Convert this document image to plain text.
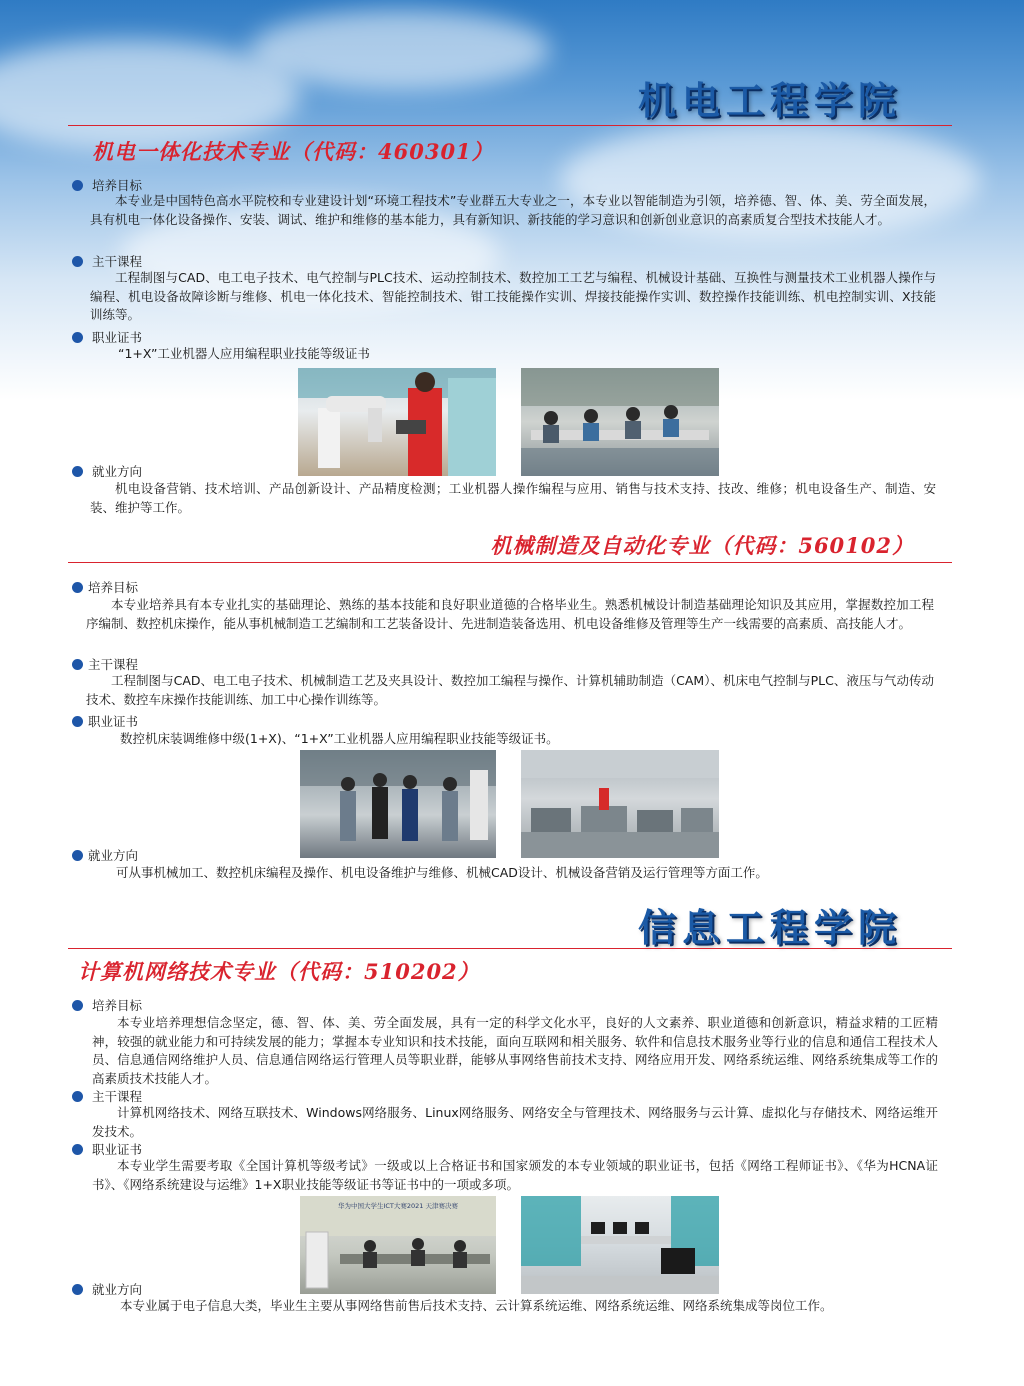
机电工程学院
机电一体化技术专业（代码：460301）
培养目标
本专业是中国特色高水平院校和专业建设计划“环境工程技术”专业群五大专业之一，本专业以智能制造为引领，培养德、智、体、美、劳全面发展，具有机电一体化设备操作、安装、调试、维护和维修的基本能力，具有新知识、新技能的学习意识和创新创业意识的高素质复合型技术技能人才。
主干课程
工程制图与CAD、电工电子技术、电气控制与PLC技术、运动控制技术、数控加工工艺与编程、机械设计基础、互换性与测量技术工业机器人操作与编程、机电设备故障诊断与维修、机电一体化技术、智能控制技术、钳工技能操作实训、焊接技能操作实训、数控操作技能训练、机电控制实训、X技能训练等。
职业证书
“1+X”工业机器人应用编程职业技能等级证书
就业方向
机电设备营销、技术培训、产品创新设计、产品精度检测；工业机器人操作编程与应用、销售与技术支持、技改、维修；机电设备生产、制造、安装、维护等工作。
机械制造及自动化专业（代码：560102）
培养目标
本专业培养具有本专业扎实的基础理论、熟练的基本技能和良好职业道德的合格毕业生。熟悉机械设计制造基础理论知识及其应用，掌握数控加工程序编制、数控机床操作，能从事机械制造工艺编制和工艺装备设计、先进制造装备选用、机电设备维修及管理等生产一线需要的高素质、高技能人才。
主干课程
工程制图与CAD、电工电子技术、机械制造工艺及夹具设计、数控加工编程与操作、计算机辅助制造（CAM）、机床电气控制与PLC、液压与气动传动技术、数控车床操作技能训练、加工中心操作训练等。
职业证书
数控机床装调维修中级(1+X)、“1+X”工业机器人应用编程职业技能等级证书。
就业方向
可从事机械加工、数控机床编程及操作、机电设备维护与维修、机械CAD设计、机械设备营销及运行管理等方面工作。
信息工程学院
计算机网络技术专业（代码：510202）
培养目标
本专业培养理想信念坚定，德、智、体、美、劳全面发展，具有一定的科学文化水平，良好的人文素养、职业道德和创新意识，精益求精的工匠精神，较强的就业能力和可持续发展的能力；掌握本专业知识和技术技能，面向互联网和相关服务、软件和信息技术服务业等行业的信息和通信工程技术人员、信息通信网络维护人员、信息通信网络运行管理人员等职业群，能够从事网络售前技术支持、网络应用开发、网络系统运维、网络系统集成等工作的高素质技术技能人才。
主干课程
计算机网络技术、网络互联技术、Windows网络服务、Linux网络服务、网络安全与管理技术、网络服务与云计算、虚拟化与存储技术、网络运维开发技术。
职业证书
本专业学生需要考取《全国计算机等级考试》一级或以上合格证书和国家颁发的本专业领域的职业证书，包括《网络工程师证书》、《华为HCNA证书》、《网络系统建设与运维》1+X职业技能等级证书等证书中的一项或多项。
华为中国大学生ICT大赛2021 天津赛决赛
就业方向
本专业属于电子信息大类，毕业生主要从事网络售前售后技术支持、云计算系统运维、网络系统运维、网络系统集成等岗位工作。
